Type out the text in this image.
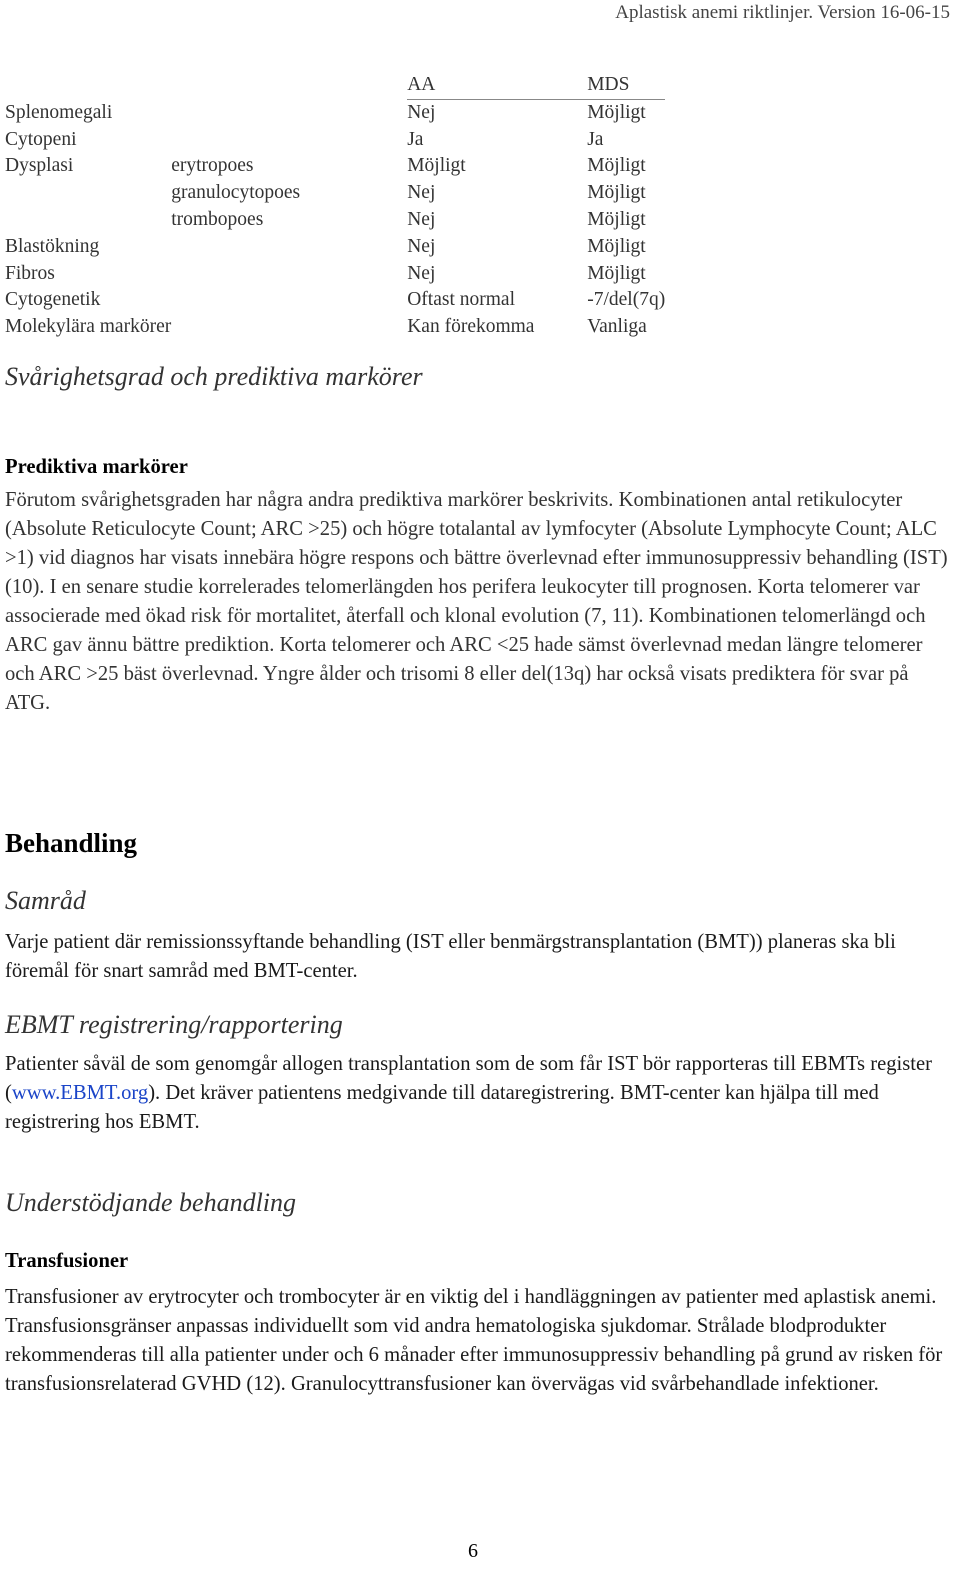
Aplastisk anemi riktlinjer. Version 16-06-15
		AA	MDS
Splenomegali		Nej	Möjligt
Cytopeni		Ja	Ja
Dysplasi	erytropoes	Möjligt	Möjligt
	granulocytopoes	Nej	Möjligt
	trombopoes	Nej	Möjligt
Blastökning		Nej	Möjligt
Fibros		Nej	Möjligt
Cytogenetik		Oftast normal	-7/del(7q)
Molekylära markörer		Kan förekomma	Vanliga
Svårighetsgrad och prediktiva markörer
Prediktiva markörer

Förutom svårighetsgraden har några andra prediktiva markörer beskrivits. Kombinationen antal retikulocyter (Absolute Reticulocyte Count; ARC >25) och högre totalantal av lymfocyter (Absolute Lymphocyte Count; ALC >1) vid diagnos har visats innebära högre respons och bättre överlevnad efter immunosuppressiv behandling (IST) (10). I en senare studie korrelerades telomerlängden hos perifera leukocyter till prognosen. Korta telomerer var associerade med ökad risk för mortalitet, återfall och klonal evolution (7, 11). Kombinationen telomerlängd och ARC gav ännu bättre prediktion. Korta telomerer och ARC <25 hade sämst överlevnad medan längre telomerer och ARC >25 bäst överlevnad. Yngre ålder och trisomi 8 eller del(13q) har också visats prediktera för svar på ATG.

Behandling
Samråd

Varje patient där remissionssyftande behandling (IST eller benmärgstransplantation (BMT)) planeras ska bli föremål för snart samråd med BMT-center.

EBMT registrering/rapportering

Patienter såväl de som genomgår allogen transplantation som de som får IST bör rapporteras till EBMTs register (www.EBMT.org). Det kräver patientens medgivande till dataregistrering. BMT-center kan hjälpa till med registrering hos EBMT.

Understödjande behandling
Transfusioner

Transfusioner av erytrocyter och trombocyter är en viktig del i handläggningen av patienter med aplastisk anemi. Transfusionsgränser anpassas individuellt som vid andra hematologiska sjukdomar. Strålade blodprodukter rekommenderas till alla patienter under och 6 månader efter immunosuppressiv behandling på grund av risken för transfusionsrelaterad GVHD (12). Granulocyttransfusioner kan övervägas vid svårbehandlade infektioner.

6
